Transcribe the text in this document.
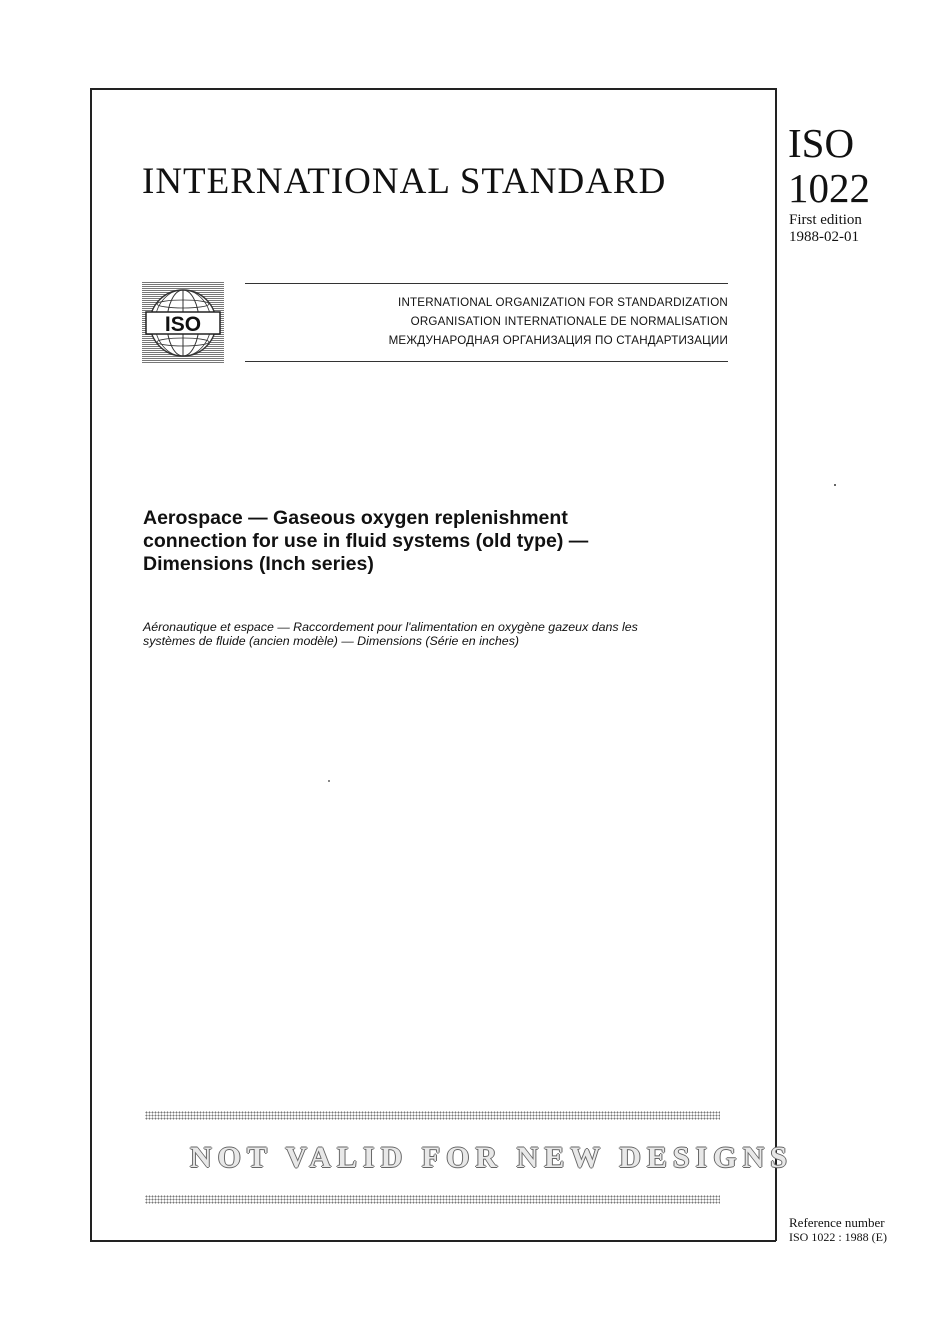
INTERNATIONAL STANDARD
ISO
1022
First edition
1988-02-01
ISO
INTERNATIONAL ORGANIZATION FOR STANDARDIZATION
ORGANISATION INTERNATIONALE DE NORMALISATION
МЕЖДУНАРОДНАЯ ОРГАНИЗАЦИЯ ПО СТАНДАРТИЗАЦИИ
Aerospace — Gaseous oxygen replenishment
connection for use in fluid systems (old type) —
Dimensions (Inch series)
Aéronautique et espace — Raccordement pour l'alimentation en oxygène gazeux dans les
systèmes de fluide (ancien modèle) — Dimensions (Série en inches)
NOT VALID FOR NEW DESIGNS
Reference number
ISO 1022 : 1988 (E)
